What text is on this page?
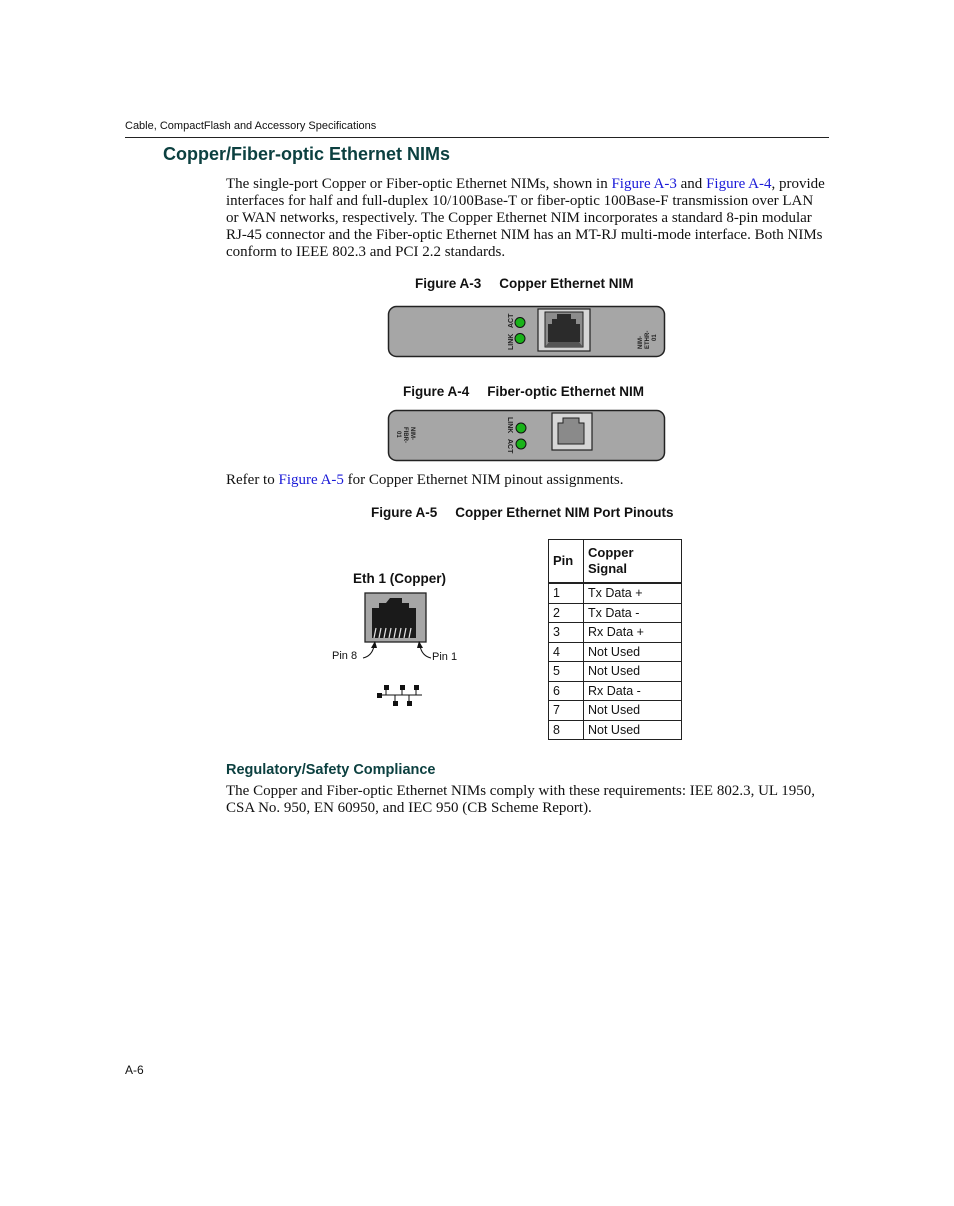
Cable, CompactFlash and Accessory Specifications
Copper/Fiber-optic Ethernet NIMs

The single-port Copper or Fiber-optic Ethernet NIMs, shown in Figure A-3 and Figure A-4, provide interfaces for half and full-duplex 10/100Base-T or fiber-optic 100Base-F transmission over LAN or WAN networks, respectively. The Copper Ethernet NIM incorporates a standard 8-pin modular RJ-45 connector and the Fiber-optic Ethernet NIM has an MT-RJ multi-mode interface. Both NIMs conform to IEEE 802.3 and PCI 2.2 standards.

Figure A-3 Copper Ethernet NIM

ACT
LINK	NIM- ETHR- 01

Figure A-4 Fiber-optic Ethernet NIM

NIM-
FIBR-
01
LINK
ACT

Refer to Figure A-5 for Copper Ethernet NIM pinout assignments.

Figure A-5 Copper Ethernet NIM Port Pinouts

Eth 1 (Copper)
Pin 8	Pin 1
Pin	Copper
Signal
1	Tx Data +
2	Tx Data -
3	Rx Data +
4	Not Used
5	Not Used
6	Rx Data -
7	Not Used
8	Not Used
Regulatory/Safety Compliance

The Copper and Fiber-optic Ethernet NIMs comply with these requirements: IEE 802.3, UL 1950, CSA No. 950, EN 60950, and IEC 950 (CB Scheme Report).

A-6
